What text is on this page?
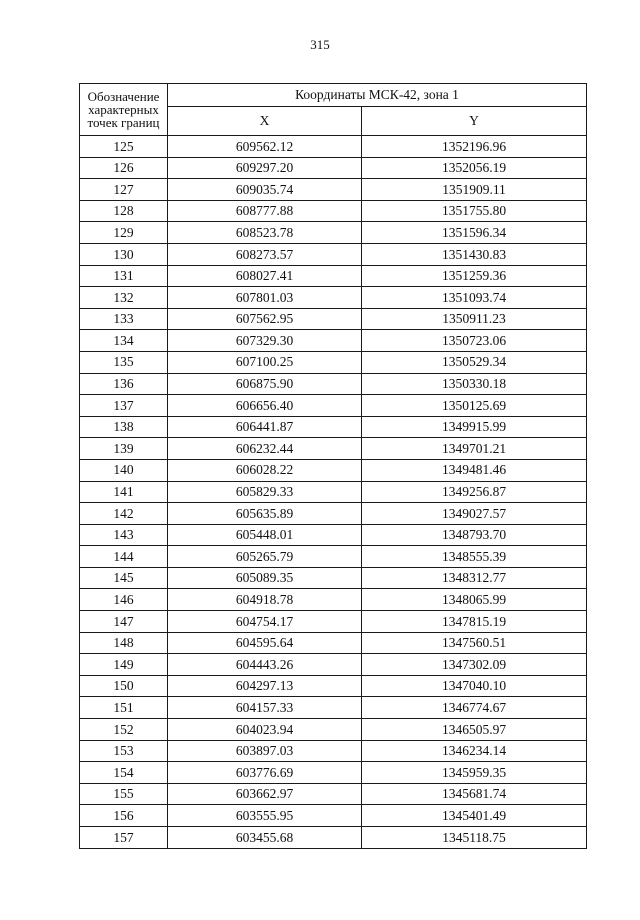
315
Обозначение характерных точек границ	Координаты МСК-42, зона 1	
	X	Y
125	609562.12	1352196.96
126	609297.20	1352056.19
127	609035.74	1351909.11
128	608777.88	1351755.80
129	608523.78	1351596.34
130	608273.57	1351430.83
131	608027.41	1351259.36
132	607801.03	1351093.74
133	607562.95	1350911.23
134	607329.30	1350723.06
135	607100.25	1350529.34
136	606875.90	1350330.18
137	606656.40	1350125.69
138	606441.87	1349915.99
139	606232.44	1349701.21
140	606028.22	1349481.46
141	605829.33	1349256.87
142	605635.89	1349027.57
143	605448.01	1348793.70
144	605265.79	1348555.39
145	605089.35	1348312.77
146	604918.78	1348065.99
147	604754.17	1347815.19
148	604595.64	1347560.51
149	604443.26	1347302.09
150	604297.13	1347040.10
151	604157.33	1346774.67
152	604023.94	1346505.97
153	603897.03	1346234.14
154	603776.69	1345959.35
155	603662.97	1345681.74
156	603555.95	1345401.49
157	603455.68	1345118.75
